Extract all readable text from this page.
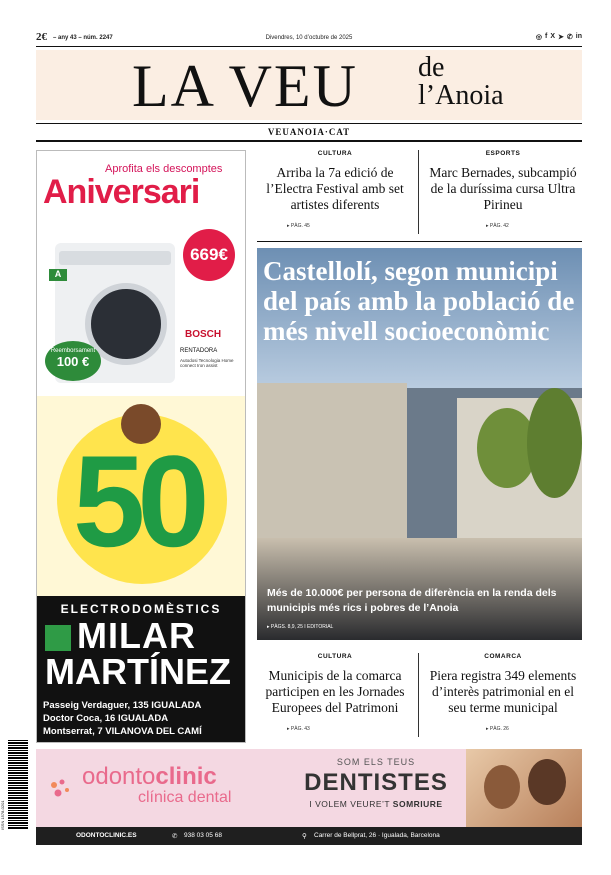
2€ – any 43 – núm. 2247	Divendres, 10 d’octubre de 2025	◎ f X ➤ ✆ in
LA VEU de
l’Anoia
VEUANOIA·CAT
Aprofita els descomptes
Aniversari
A
669€
Reemborsament
100 €
BOSCH
RENTADORA
Autodosi Tecnologia Home connect Iron assist
50
ELECTRODOMÈSTICS
MILAR
MARTÍNEZ
Passeig Verdaguer, 135 IGUALADA
Doctor Coca, 16 IGUALADA
Montserrat, 7 VILANOVA DEL CAMÍ
CULTURA
Arriba la 7a edició de l’Electra Festival amb set artistes diferents
▸ PÀG. 45
ESPORTS
Marc Bernades, subcampió de la duríssima cursa Ultra Pirineu
▸ PÀG. 42
Castellolí, segon municipi del país amb la població de més nivell socioeconòmic
Més de 10.000€ per persona de diferència en la renda dels municipis més rics i pobres de l’Anoia
▸ PÀGS. 8,9, 25 I EDITORIAL
CULTURA
Municipis de la comarca participen en les Jornades Europees del Patrimoni
▸ PÀG. 43
COMARCA
Piera registra 349 elements d’interès patrimonial en el seu terme municipal
▸ PÀG. 26
ISSN 1578-0201
odontoclinic
clínica dental
SOM ELS TEUS
DENTISTES
I VOLEM VEURE’T SOMRIURE
ODONTOCLINIC.ES	✆ 938 03 05 68	⚲ Carrer de Bellprat, 26 · Igualada, Barcelona
